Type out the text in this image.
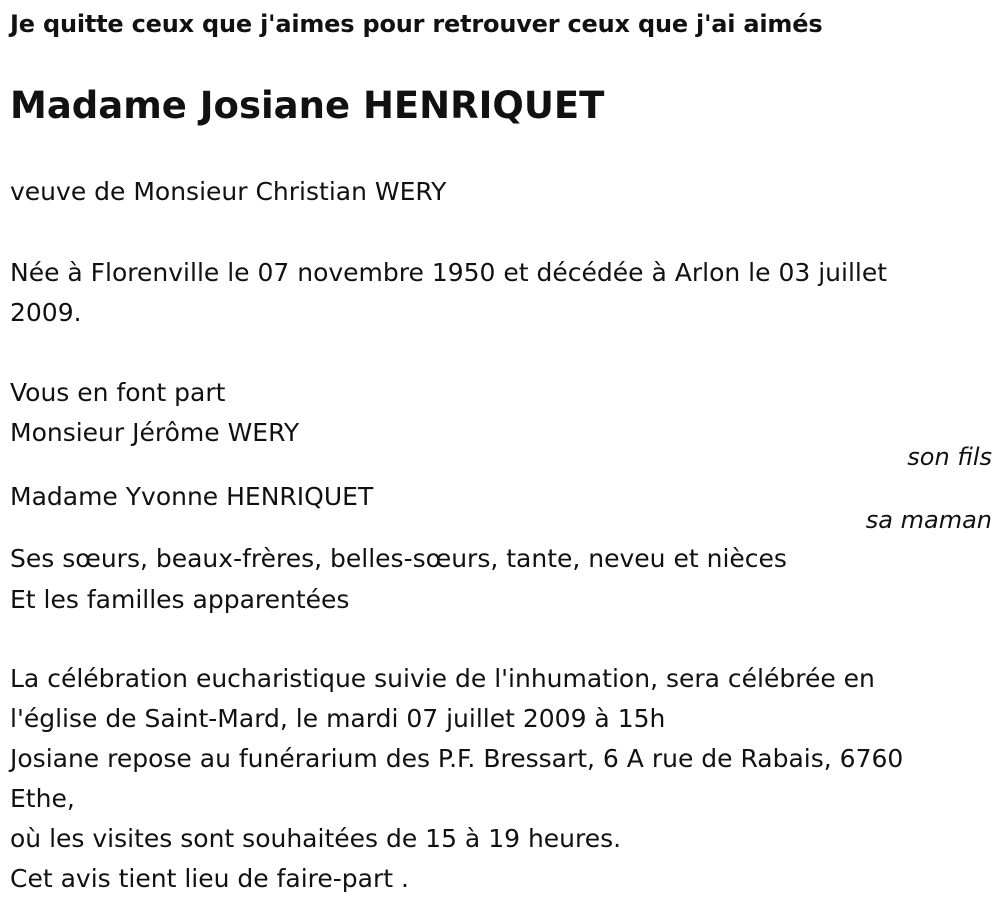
Je quitte ceux que j'aimes pour retrouver ceux que j'ai aimés
Madame Josiane HENRIQUET
veuve de Monsieur Christian WERY
Née à Florenville le 07 novembre 1950 et décédée à Arlon le 03 juillet
2009.
Vous en font part
Monsieur Jérôme WERY
son fils
Madame Yvonne HENRIQUET
sa maman
Ses sœurs, beaux-frères, belles-sœurs, tante, neveu et nièces
Et les familles apparentées
La célébration eucharistique suivie de l'inhumation, sera célébrée en
l'église de Saint-Mard, le mardi 07 juillet 2009 à 15h
Josiane repose au funérarium des P.F. Bressart, 6 A rue de Rabais, 6760
Ethe,
où les visites sont souhaitées de 15 à 19 heures.
Cet avis tient lieu de faire-part .
